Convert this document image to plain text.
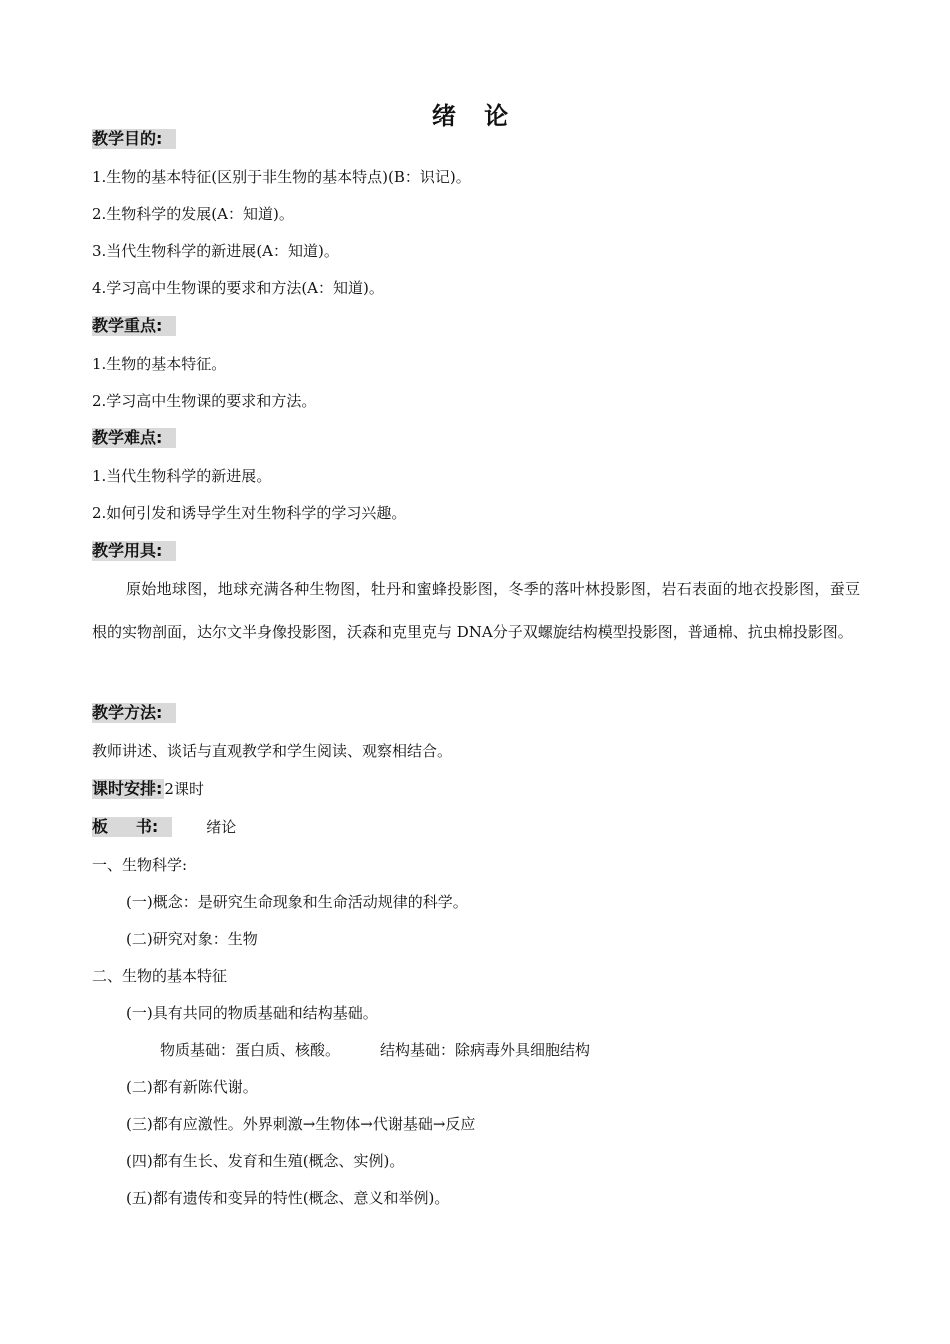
绪 论
教学目的:
1.生物的基本特征(区别于非生物的基本特点)(B：识记)。
2.生物科学的发展(A：知道)。
3.当代生物科学的新进展(A：知道)。
4.学习高中生物课的要求和方法(A：知道)。
教学重点:
1.生物的基本特征。
2.学习高中生物课的要求和方法。
教学难点:
1.当代生物科学的新进展。
2.如何引发和诱导学生对生物科学的学习兴趣。
教学用具:
原始地球图，地球充满各种生物图，牡丹和蜜蜂投影图，冬季的落叶林投影图，岩石表面的地衣投影图，蚕豆根的实物剖面，达尔文半身像投影图，沃森和克里克与 DNA分子双螺旋结构模型投影图，普通棉、抗虫棉投影图。
教学方法:
教师讲述、谈话与直观教学和学生阅读、观察相结合。
课时安排: 2课时
板     书:	绪论
一、生物科学:
(一)概念：是研究生命现象和生命活动规律的科学。
(二)研究对象：生物
二、生物的基本特征
(一)具有共同的物质基础和结构基础。
物质基础：蛋白质、核酸。	结构基础：除病毒外具细胞结构
(二)都有新陈代谢。
(三)都有应激性。外界刺激→生物体→代谢基础→反应
(四)都有生长、发育和生殖(概念、实例)。
(五)都有遗传和变异的特性(概念、意义和举例)。
